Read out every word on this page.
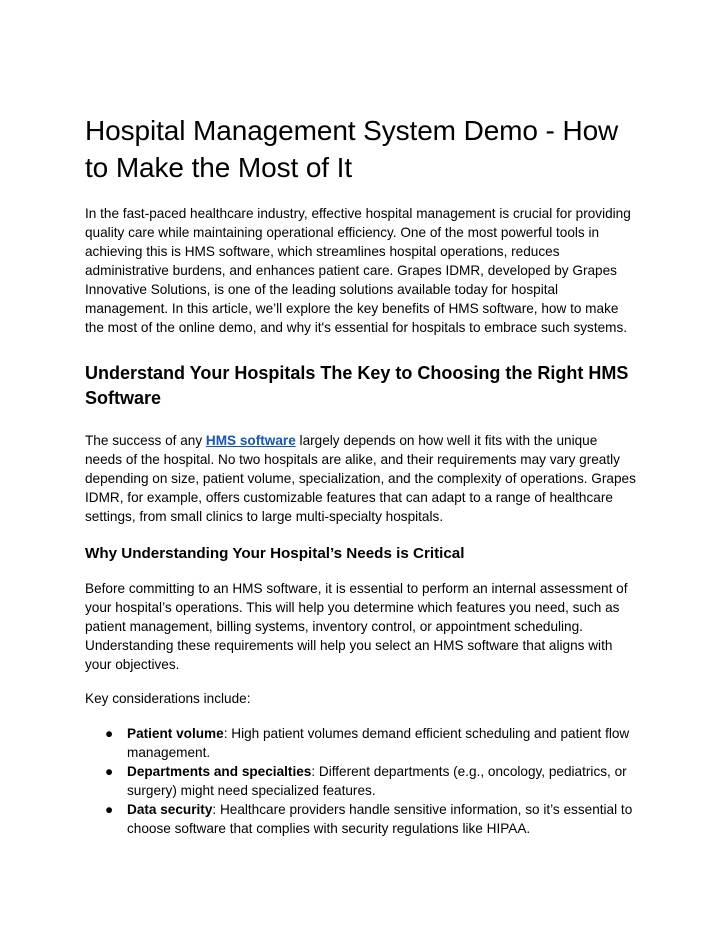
Hospital Management System Demo - How to Make the Most of It

In the fast-paced healthcare industry, effective hospital management is crucial for providing quality care while maintaining operational efficiency. One of the most powerful tools in achieving this is HMS software, which streamlines hospital operations, reduces administrative burdens, and enhances patient care. Grapes IDMR, developed by Grapes Innovative Solutions, is one of the leading solutions available today for hospital management. In this article, we’ll explore the key benefits of HMS software, how to make the most of the online demo, and why it's essential for hospitals to embrace such systems.

Understand Your Hospitals The Key to Choosing the Right HMS Software

The success of any HMS software largely depends on how well it fits with the unique needs of the hospital. No two hospitals are alike, and their requirements may vary greatly depending on size, patient volume, specialization, and the complexity of operations. Grapes IDMR, for example, offers customizable features that can adapt to a range of healthcare settings, from small clinics to large multi-specialty hospitals.

Why Understanding Your Hospital’s Needs is Critical

Before committing to an HMS software, it is essential to perform an internal assessment of your hospital’s operations. This will help you determine which features you need, such as patient management, billing systems, inventory control, or appointment scheduling. Understanding these requirements will help you select an HMS software that aligns with your objectives.

Key considerations include:

● Patient volume: High patient volumes demand efficient scheduling and patient flow management.
● Departments and specialties: Different departments (e.g., oncology, pediatrics, or surgery) might need specialized features.
● Data security: Healthcare providers handle sensitive information, so it’s essential to choose software that complies with security regulations like HIPAA.
